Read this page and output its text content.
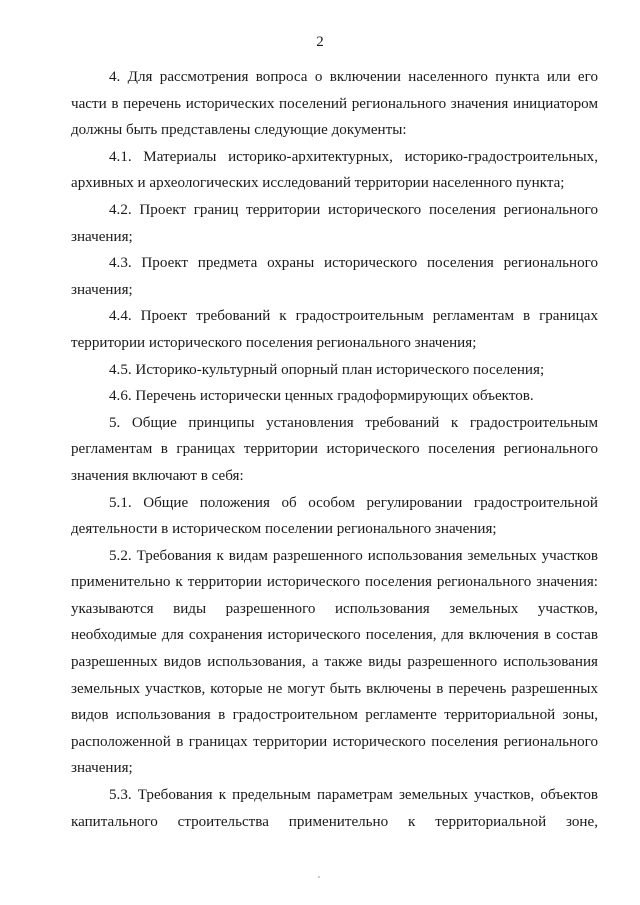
2

4. Для рассмотрения вопроса о включении населенного пункта или его части в перечень исторических поселений регионального значения инициатором должны быть представлены следующие документы:

4.1. Материалы историко-архитектурных, историко-градостроительных, архивных и археологических исследований территории населенного пункта;

4.2. Проект границ территории исторического поселения регионального значения;

4.3. Проект предмета охраны исторического поселения регионального значения;

4.4. Проект требований к градостроительным регламентам в границах территории исторического поселения регионального значения;

4.5. Историко-культурный опорный план исторического поселения;

4.6. Перечень исторически ценных градоформирующих объектов.

5. Общие принципы установления требований к градостроительным регламентам в границах территории исторического поселения регионального значения включают в себя:

5.1. Общие положения об особом регулировании градостроительной деятельности в историческом поселении регионального значения;

5.2. Требования к видам разрешенного использования земельных участков применительно к территории исторического поселения регионального значения: указываются виды разрешенного использования земельных участков, необходимые для сохранения исторического поселения, для включения в состав разрешенных видов использования, а также виды разрешенного использования земельных участков, которые не могут быть включены в перечень разрешенных видов использования в градостроительном регламенте территориальной зоны, расположенной в границах территории исторического поселения регионального значения;

5.3. Требования к предельным параметрам земельных участков, объектов капитального строительства применительно к территориальной зоне,
